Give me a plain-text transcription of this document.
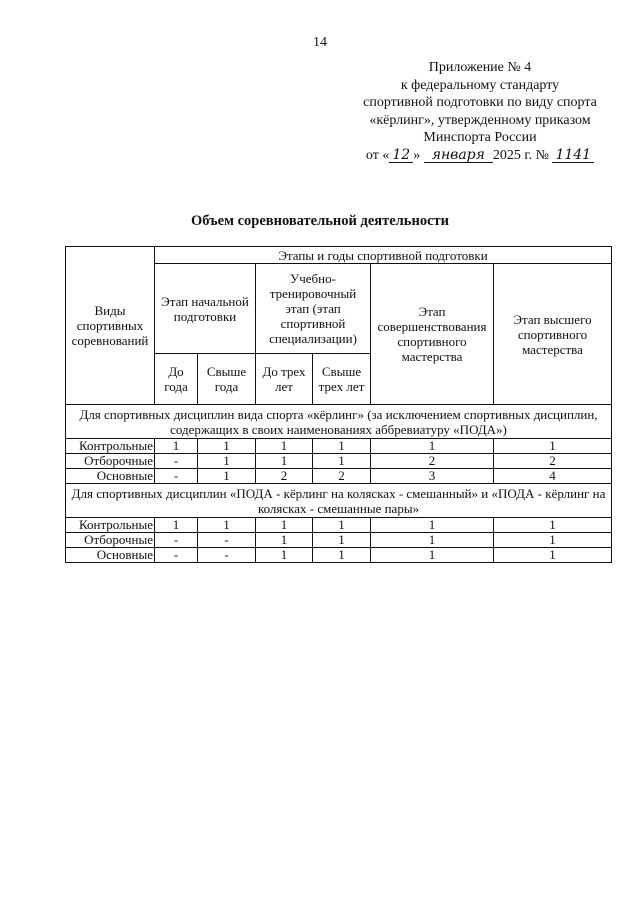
14
Приложение № 4
к федеральному стандарту
спортивной подготовки по виду спорта
«кёрлинг», утвержденному приказом
Минспорта России
от « 12 » января 2025 г. № 1141
Объем соревновательной деятельности
Виды спортивных соревнований	Этапы и годы спортивной подготовки					
	Этап начальной подготовки		Учебно-тренировочный этап (этап спортивной специализации)		Этап совершенствования спортивного мастерства	Этап высшего спортивного мастерства
	До года	Свыше года	До трех лет	Свыше трех лет		
Для спортивных дисциплин вида спорта «кёрлинг» (за исключением спортивных дисциплин, содержащих в своих наименованиях аббревиатуру «ПОДА»)						
Контрольные	1	1	1	1	1	1
Отборочные	-	1	1	1	2	2
Основные	-	1	2	2	3	4
Для спортивных дисциплин «ПОДА - кёрлинг на колясках - смешанный» и «ПОДА - кёрлинг на колясках - смешанные пары»						
Контрольные	1	1	1	1	1	1
Отборочные	-	-	1	1	1	1
Основные	-	-	1	1	1	1
